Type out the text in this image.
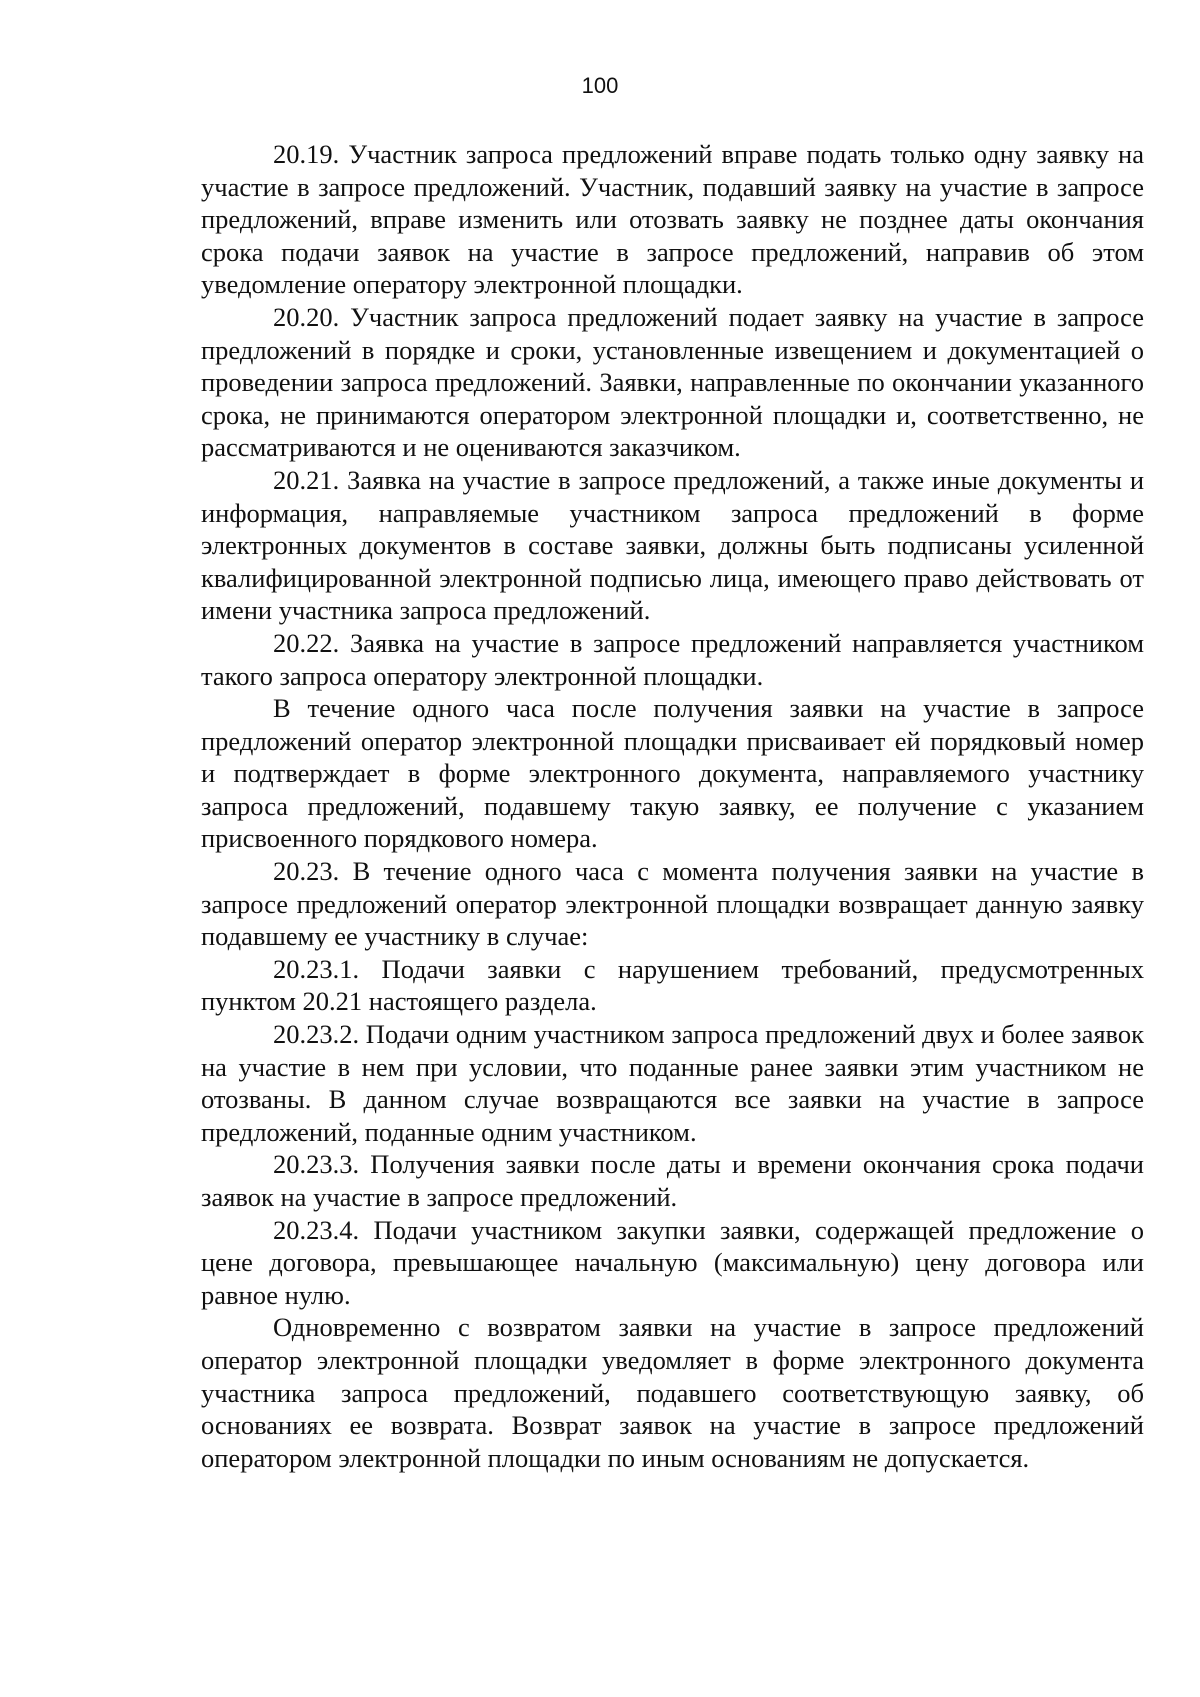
100

20.19. Участник запроса предложений вправе подать только одну заявку на участие в запросе предложений. Участник, подавший заявку на участие в запросе предложений, вправе изменить или отозвать заявку не позднее даты окончания срока подачи заявок на участие в запросе предложений, направив об этом уведомление оператору электронной площадки.

20.20. Участник запроса предложений подает заявку на участие в запросе предложений в порядке и сроки, установленные извещением и документацией о проведении запроса предложений. Заявки, направленные по окончании указанного срока, не принимаются оператором электронной площадки и, соответственно, не рассматриваются и не оцениваются заказчиком.

20.21. Заявка на участие в запросе предложений, а также иные документы и информация, направляемые участником запроса предложений в форме электронных документов в составе заявки, должны быть подписаны усиленной квалифицированной электронной подписью лица, имеющего право действовать от имени участника запроса предложений.

20.22. Заявка на участие в запросе предложений направляется участником такого запроса оператору электронной площадки.

В течение одного часа после получения заявки на участие в запросе предложений оператор электронной площадки присваивает ей порядковый номер и подтверждает в форме электронного документа, направляемого участнику запроса предложений, подавшему такую заявку, ее получение с указанием присвоенного порядкового номера.

20.23. В течение одного часа с момента получения заявки на участие в запросе предложений оператор электронной площадки возвращает данную заявку подавшему ее участнику в случае:

20.23.1. Подачи заявки с нарушением требований, предусмотренных пунктом 20.21 настоящего раздела.

20.23.2. Подачи одним участником запроса предложений двух и более заявок на участие в нем при условии, что поданные ранее заявки этим участником не отозваны. В данном случае возвращаются все заявки на участие в запросе предложений, поданные одним участником.

20.23.3. Получения заявки после даты и времени окончания срока подачи заявок на участие в запросе предложений.

20.23.4. Подачи участником закупки заявки, содержащей предложение о цене договора, превышающее начальную (максимальную) цену договора или равное нулю.

Одновременно с возвратом заявки на участие в запросе предложений оператор электронной площадки уведомляет в форме электронного документа участника запроса предложений, подавшего соответствующую заявку, об основаниях ее возврата. Возврат заявок на участие в запросе предложений оператором электронной площадки по иным основаниям не допускается.
